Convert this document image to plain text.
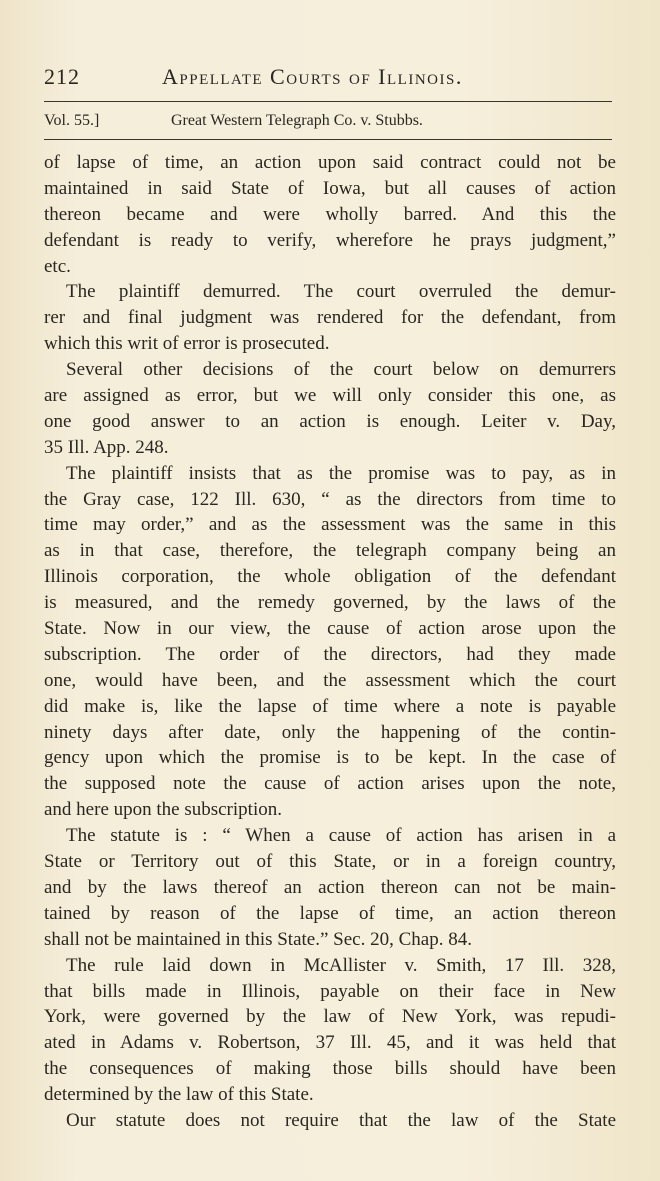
212	Appellate Courts of Illinois.
Vol. 55.]	Great Western Telegraph Co. v. Stubbs.
of lapse of time, an action upon said contract could not be
maintained in said State of Iowa, but all causes of action
thereon became and were wholly barred. And this the
defendant is ready to verify, wherefore he prays judgment,”
etc.
The plaintiff demurred. The court overruled the demur-
rer and final judgment was rendered for the defendant, from
which this writ of error is prosecuted.
Several other decisions of the court below on demurrers
are assigned as error, but we will only consider this one, as
one good answer to an action is enough. Leiter v. Day,
35 Ill. App. 248.
The plaintiff insists that as the promise was to pay, as in
the Gray case, 122 Ill. 630, “ as the directors from time to
time may order,” and as the assessment was the same in this
as in that case, therefore, the telegraph company being an
Illinois corporation, the whole obligation of the defendant
is measured, and the remedy governed, by the laws of the
State. Now in our view, the cause of action arose upon the
subscription. The order of the directors, had they made
one, would have been, and the assessment which the court
did make is, like the lapse of time where a note is payable
ninety days after date, only the happening of the contin-
gency upon which the promise is to be kept. In the case of
the supposed note the cause of action arises upon the note,
and here upon the subscription.
The statute is : “ When a cause of action has arisen in a
State or Territory out of this State, or in a foreign country,
and by the laws thereof an action thereon can not be main-
tained by reason of the lapse of time, an action thereon
shall not be maintained in this State.” Sec. 20, Chap. 84.
The rule laid down in McAllister v. Smith, 17 Ill. 328,
that bills made in Illinois, payable on their face in New
York, were governed by the law of New York, was repudi-
ated in Adams v. Robertson, 37 Ill. 45, and it was held that
the consequences of making those bills should have been
determined by the law of this State.
Our statute does not require that the law of the State
